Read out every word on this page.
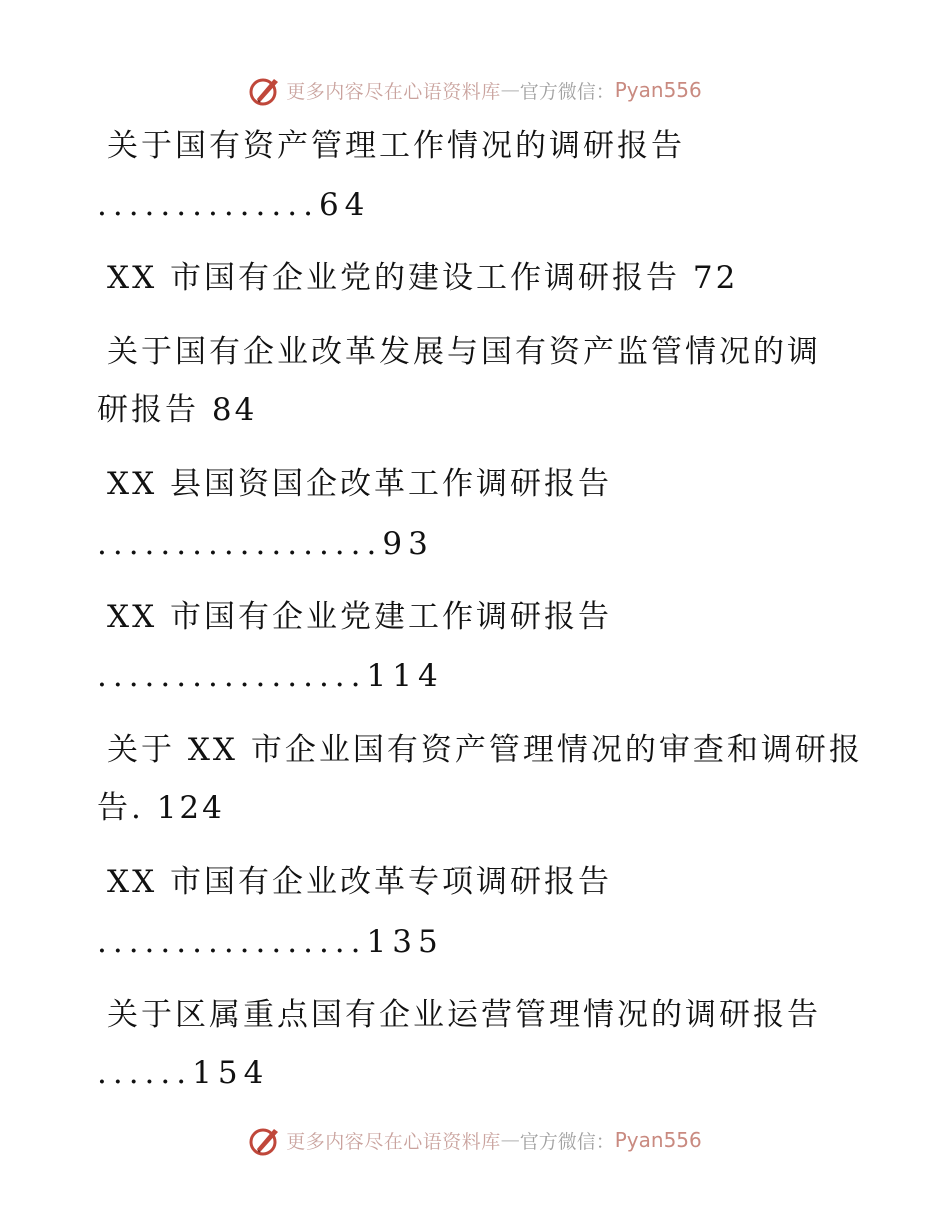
更多内容尽在心语资料库 — 官方微信： Pyan556
关于国有资产管理工作情况的调研报告
..............64
XX 市国有企业党的建设工作调研报告 72
关于国有企业改革发展与国有资产监管情况的调
研报告 84
XX 县国资国企改革工作调研报告
..................93
XX 市国有企业党建工作调研报告
.................114
关于 XX 市企业国有资产管理情况的审查和调研报
告. 124
XX 市国有企业改革专项调研报告
.................135
关于区属重点国有企业运营管理情况的调研报告
......154
更多内容尽在心语资料库 — 官方微信： Pyan556
